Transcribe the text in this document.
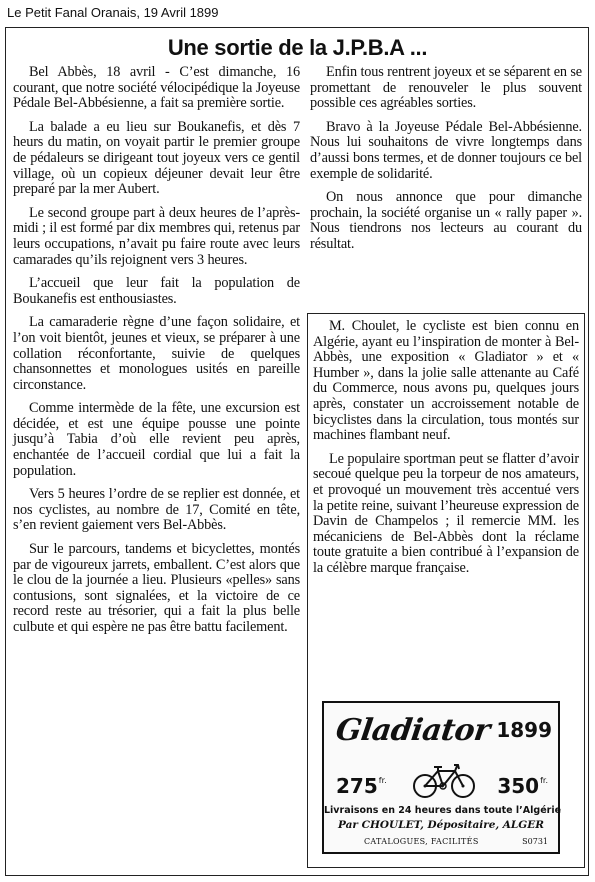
Le Petit Fanal Oranais, 19 Avril 1899
Une sortie de la J.P.B.A ...

Bel Abbès, 18 avril - C’est dimanche, 16 courant, que notre société vélocipédique la Joyeuse Pédale Bel-Abbésienne, a fait sa première sortie.

La balade a eu lieu sur Boukanefis, et dès 7 heurs du matin, on voyait partir le premier groupe de pédaleurs se dirigeant tout joyeux vers ce gentil village, où un copieux déjeuner devait leur être preparé par la mer Aubert.

Le second groupe part à deux heures de l’après-midi ; il est formé par dix membres qui, retenus par leurs occupations, n’avait pu faire route avec leurs camarades qu’ils rejoignent vers 3 heures.

L’accueil que leur fait la population de Boukanefis est enthousiastes.

La camaraderie règne d’une façon solidaire, et l’on voit bientôt, jeunes et vieux, se préparer à une collation réconfortante, suivie de quelques chansonnettes et monologues usités en pareille circonstance.

Comme intermède de la fête, une excursion est décidée, et est une équipe pousse une pointe jusqu’à Tabia d’où elle revient peu après, enchantée de l’accueil cordial que lui a fait la population.

Vers 5 heures l’ordre de se replier est donnée, et nos cyclistes, au nombre de 17, Comité en tête, s’en revient gaiement vers Bel-Abbès.

Sur le parcours, tandems et bicyclettes, montés par de vigoureux jarrets, emballent. C’est alors que le clou de la journée a lieu. Plusieurs «pelles» sans contusions, sont signalées, et la victoire de ce record reste au trésorier, qui a fait la plus belle culbute et qui espère ne pas être battu facilement.

Enfin tous rentrent joyeux et se séparent en se promettant de renouveler le plus souvent possible ces agréables sorties.

Bravo à la Joyeuse Pédale Bel-Abbésienne. Nous lui souhaitons de vivre longtemps dans d’aussi bons termes, et de donner toujours ce bel exemple de solidarité.

On nous annonce que pour dimanche prochain, la société organise un « rally paper ». Nous tiendrons nos lecteurs au courant du résultat.

M. Choulet, le cycliste est bien connu en Algérie, ayant eu l’inspiration de monter à Bel-Abbès, une exposition « Gladiator » et « Humber », dans la jolie salle attenante au Café du Commerce, nous avons pu, quelques jours après, constater un accroissement notable de bicyclistes dans la circulation, tous montés sur machines flambant neuf.

Le populaire sportman peut se flatter d’avoir secoué quelque peu la torpeur de nos amateurs, et provoqué un mouvement très accentué vers la petite reine, suivant l’heureuse expression de Davin de Champelos ; il remercie MM. les mécaniciens de Bel-Abbès dont la réclame toute gratuite a bien contribué à l’expansion de la célèbre marque française.

Gladiator 1899
$275^{fr.}$	$350^{fr.}$
Livraisons en 24 heures dans toute l’Algérie
Par CHOULET, Dépositaire, ALGER
CATALOGUES, FACILITÉS	S0731
